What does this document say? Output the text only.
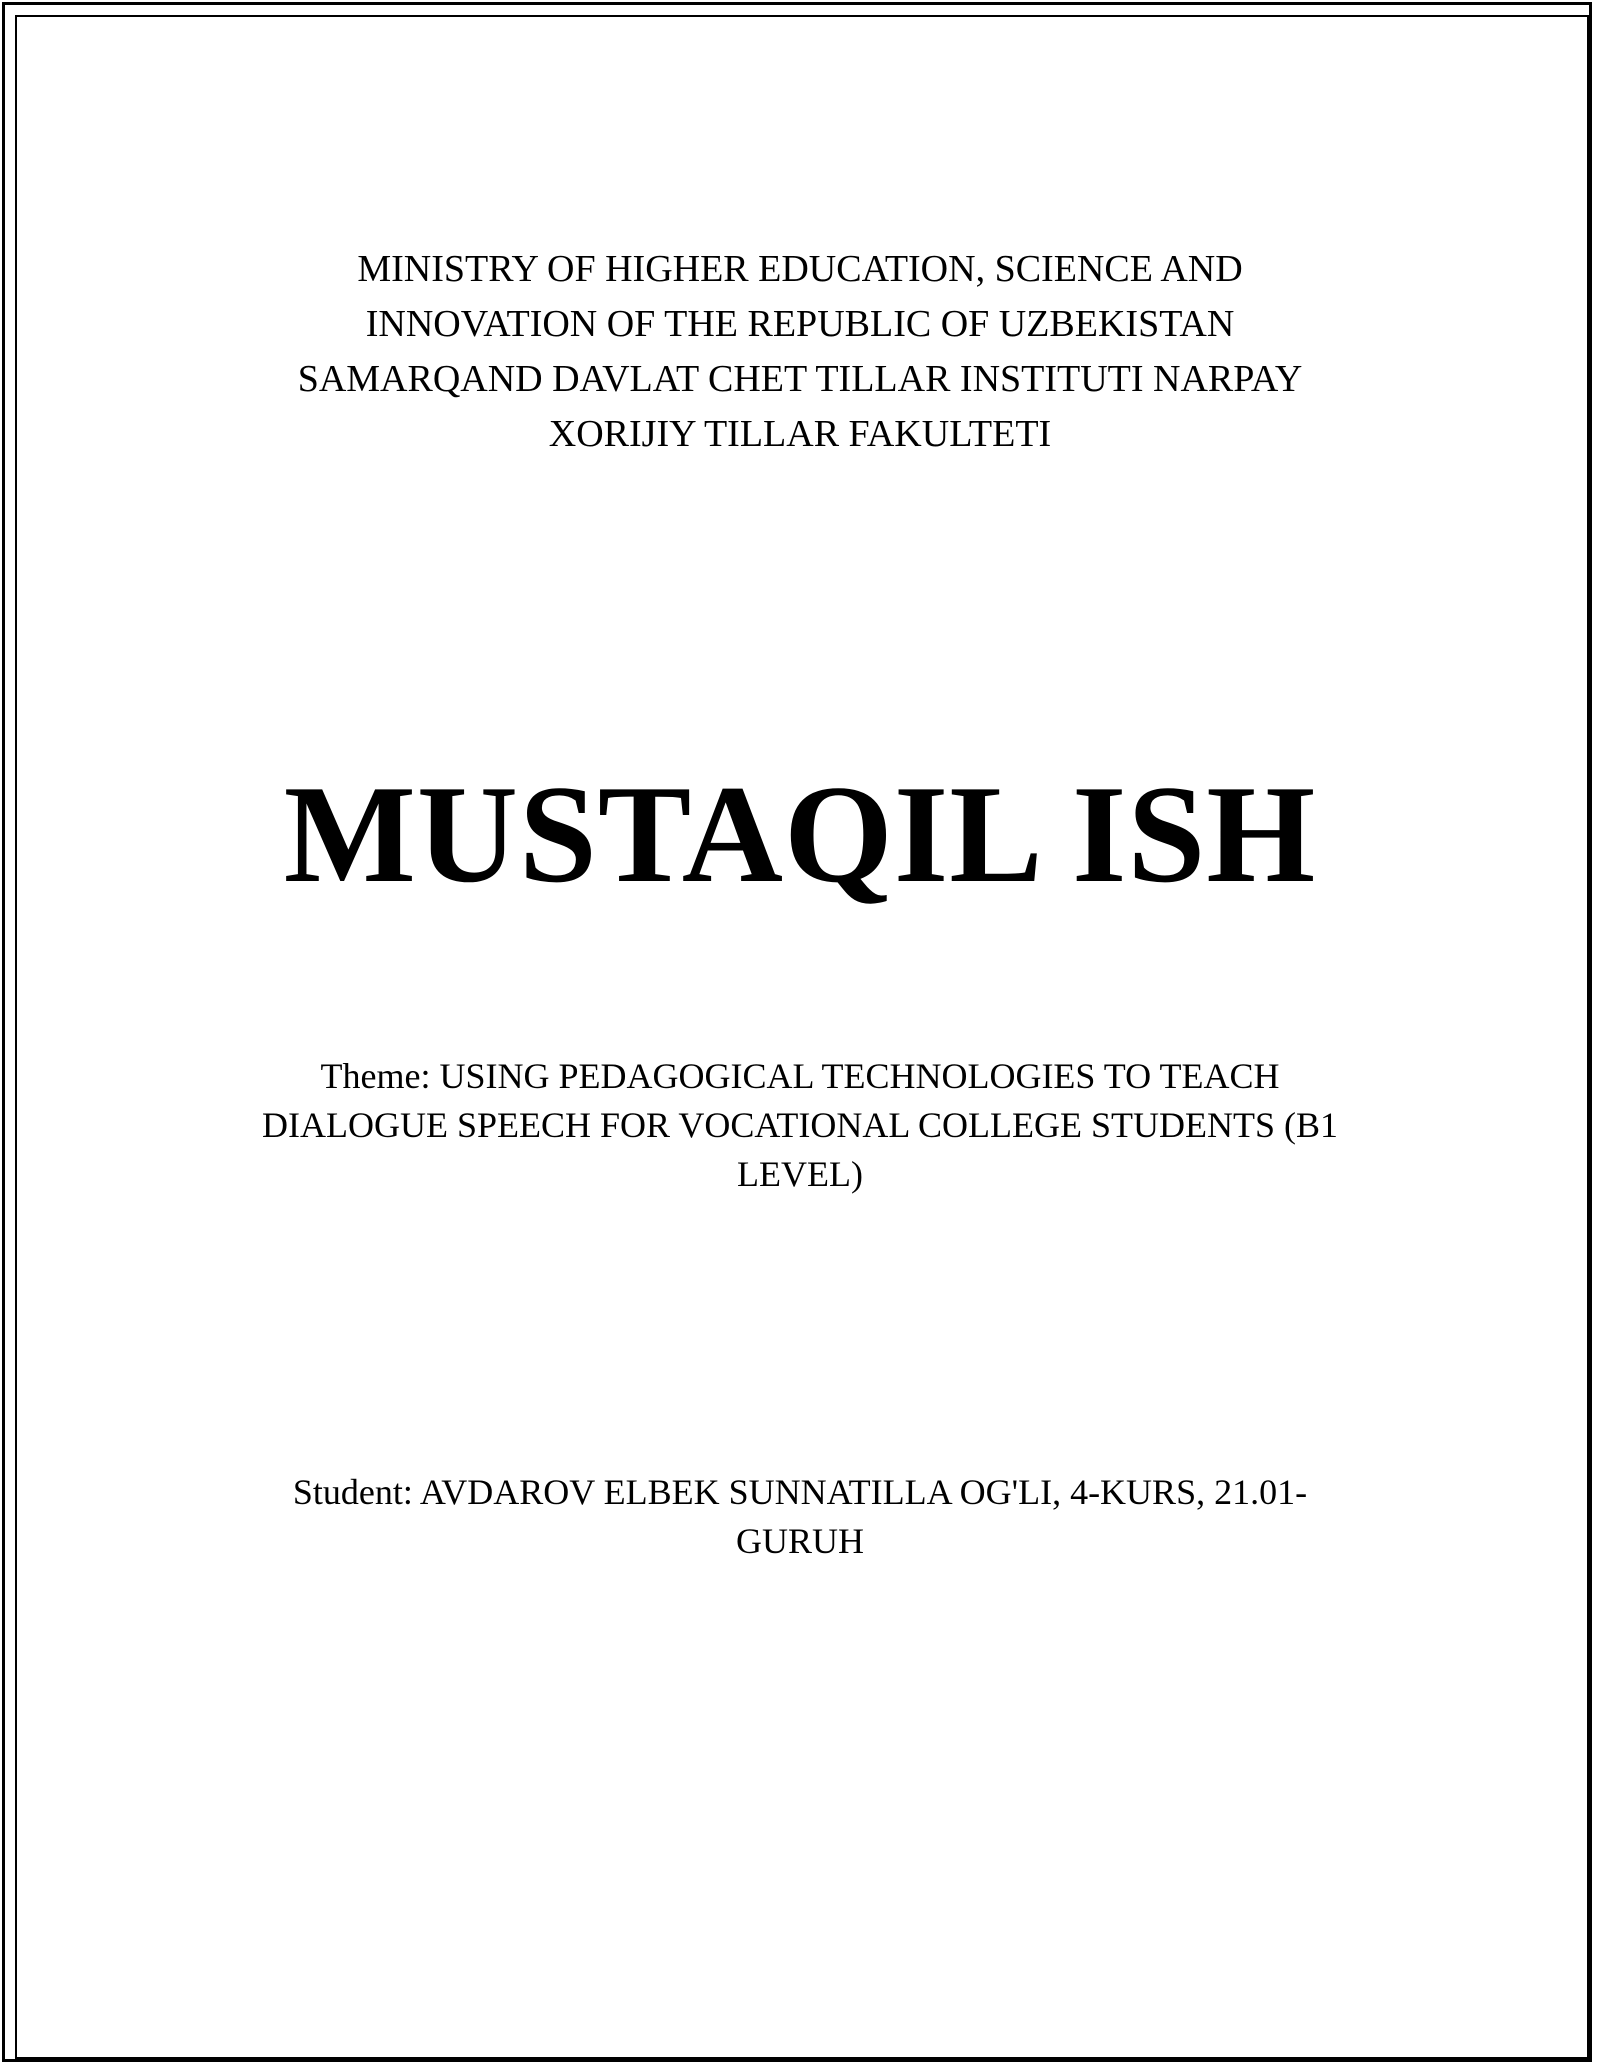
MINISTRY OF HIGHER EDUCATION, SCIENCE AND
INNOVATION OF THE REPUBLIC OF UZBEKISTAN
SAMARQAND DAVLAT CHET TILLAR INSTITUTI NARPAY
XORIJIY TILLAR FAKULTETI
MUSTAQIL ISH
Theme: USING PEDAGOGICAL TECHNOLOGIES TO TEACH
DIALOGUE SPEECH FOR VOCATIONAL COLLEGE STUDENTS (B1
LEVEL)
Student: AVDAROV ELBEK SUNNATILLA OG'LI, 4-KURS, 21.01-
GURUH
